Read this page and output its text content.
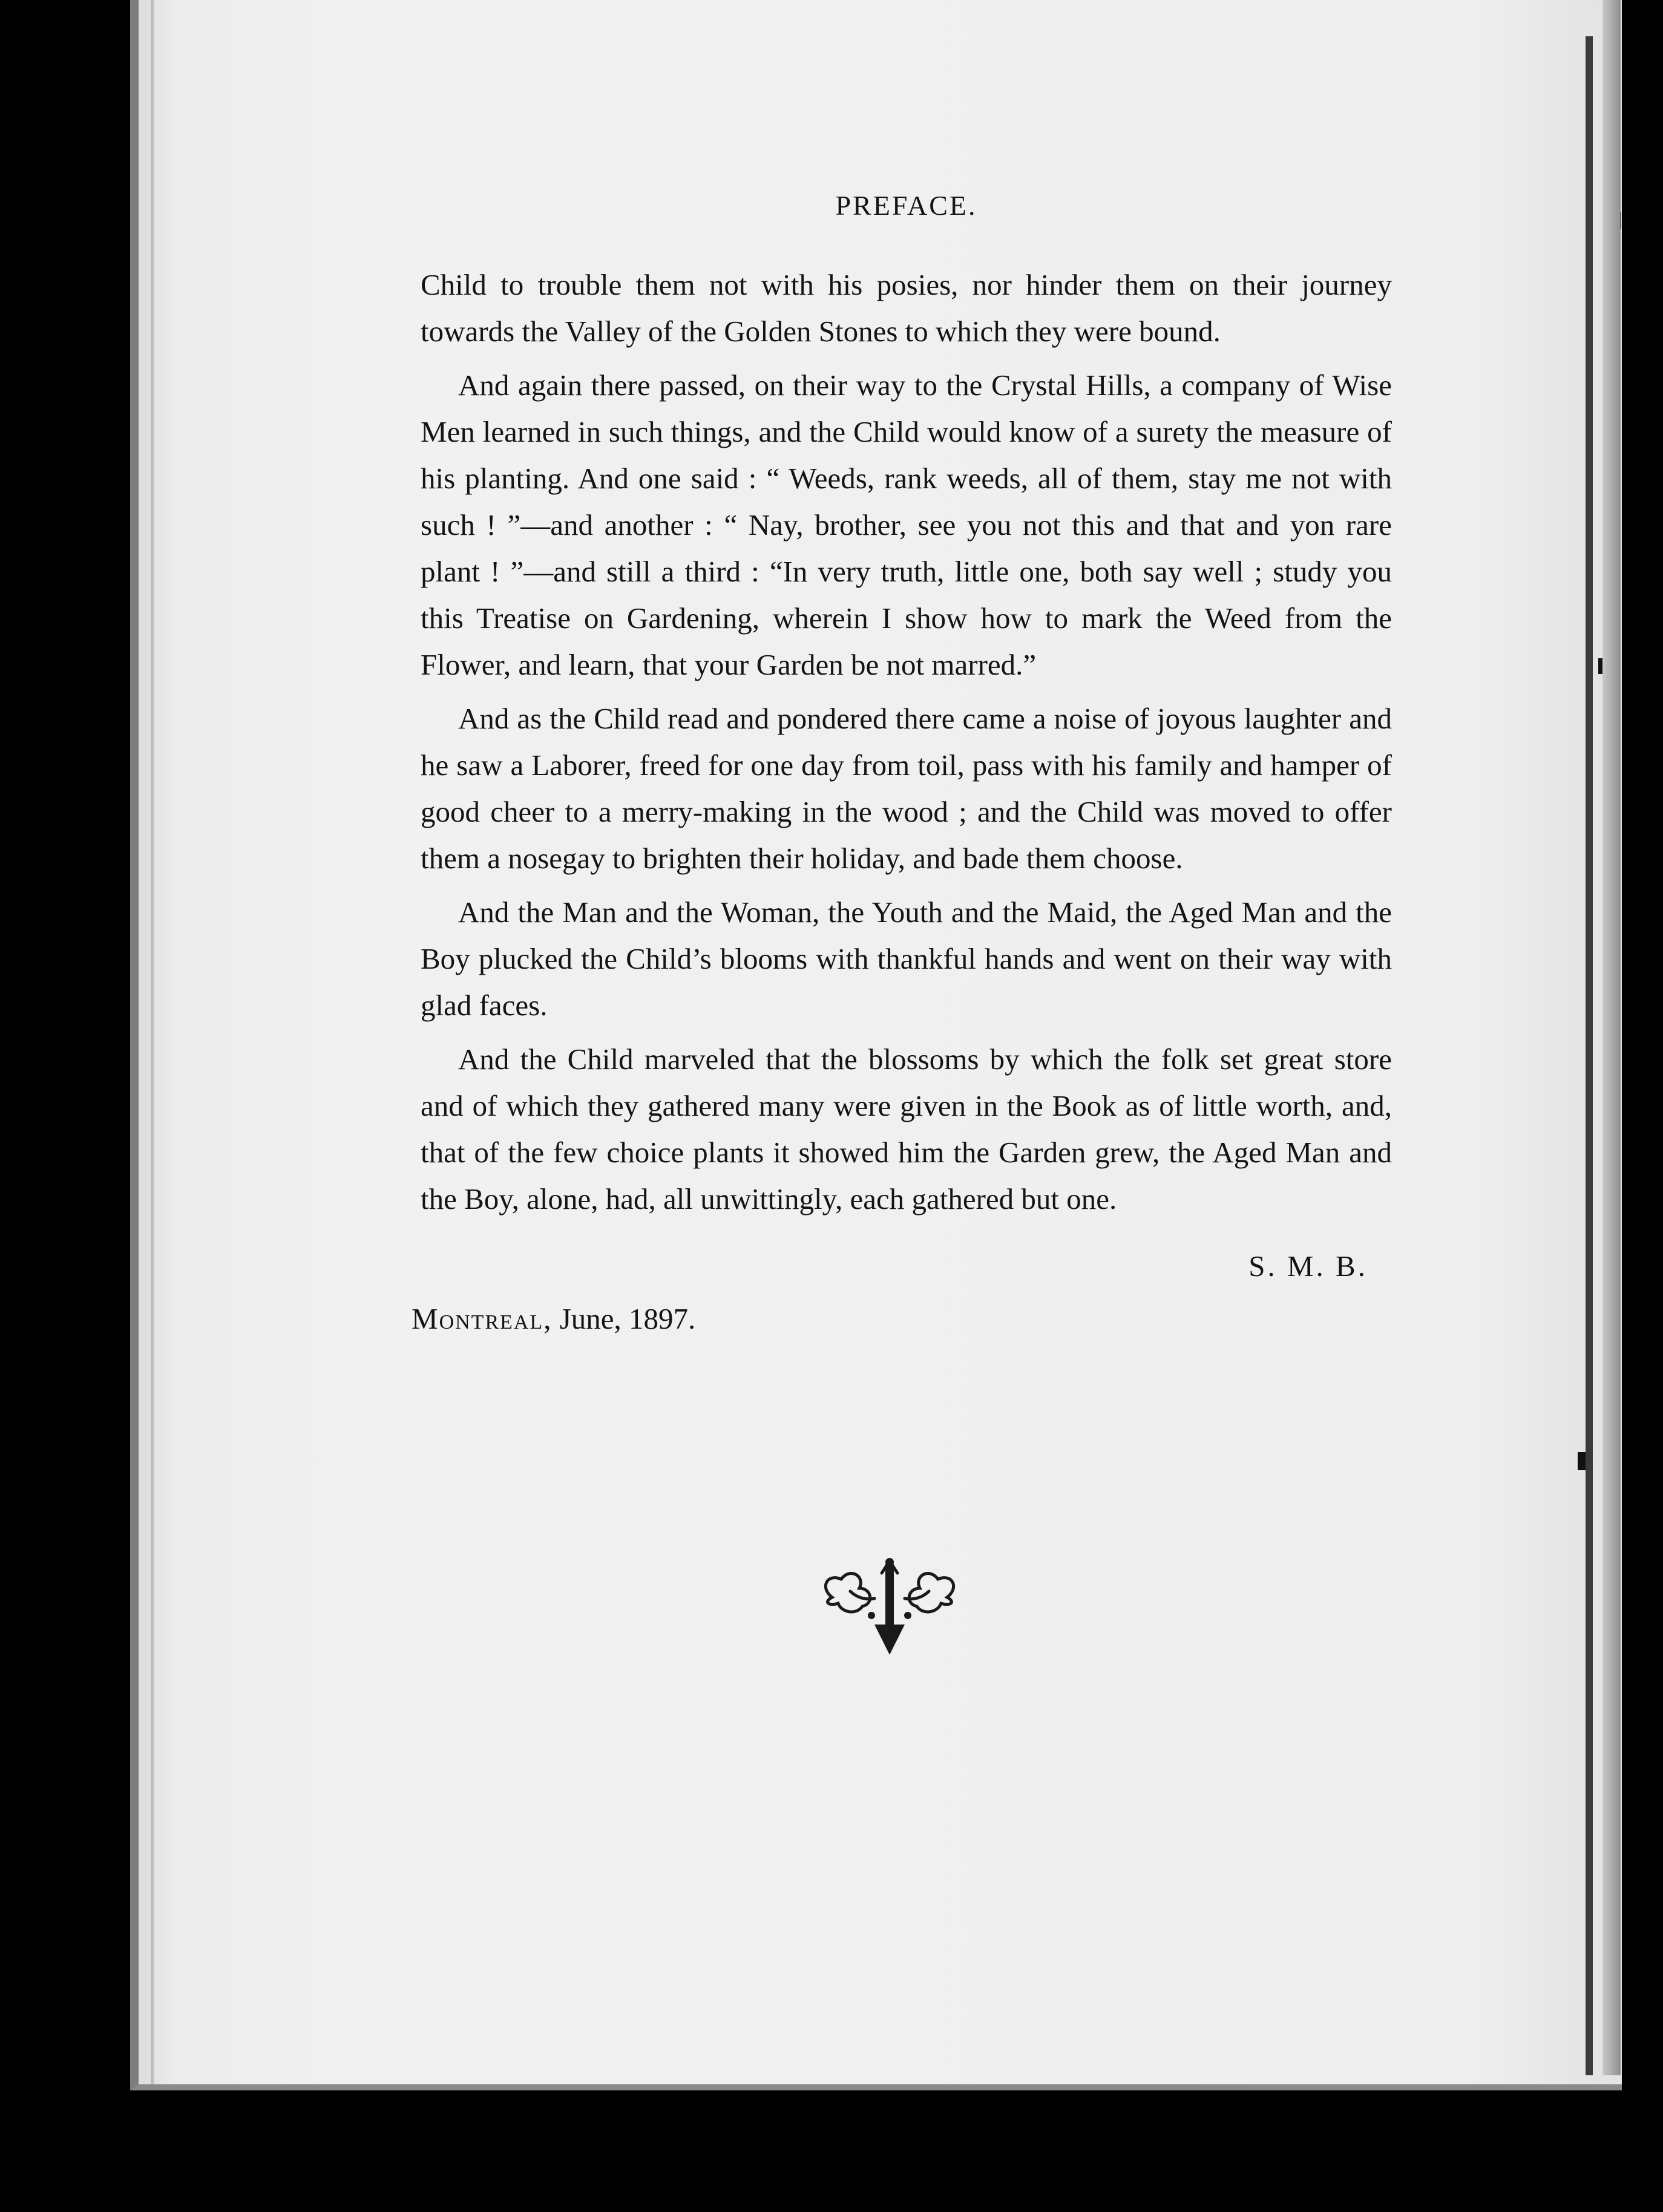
PREFACE.

Child to trouble them not with his posies, nor hinder them on their journey towards the Valley of the Golden Stones to which they were bound.

And again there passed, on their way to the Crystal Hills, a company of Wise Men learned in such things, and the Child would know of a surety the measure of his planting. And one said : “ Weeds, rank weeds, all of them, stay me not with such ! ”—and another : “ Nay, brother, see you not this and that and yon rare plant ! ”—and still a third : “In very truth, little one, both say well ; study you this Treatise on Gardening, wherein I show how to mark the Weed from the Flower, and learn, that your Garden be not marred.”

And as the Child read and pondered there came a noise of joyous laughter and he saw a Laborer, freed for one day from toil, pass with his family and hamper of good cheer to a merry-making in the wood ; and the Child was moved to offer them a nosegay to brighten their holiday, and bade them choose.

And the Man and the Woman, the Youth and the Maid, the Aged Man and the Boy plucked the Child’s blooms with thankful hands and went on their way with glad faces.

And the Child marveled that the blossoms by which the folk set great store and of which they gathered many were given in the Book as of little worth, and, that of the few choice plants it showed him the Garden grew, the Aged Man and the Boy, alone, had, all unwittingly, each gathered but one.

S. M. B.
Montreal, June, 1897.
